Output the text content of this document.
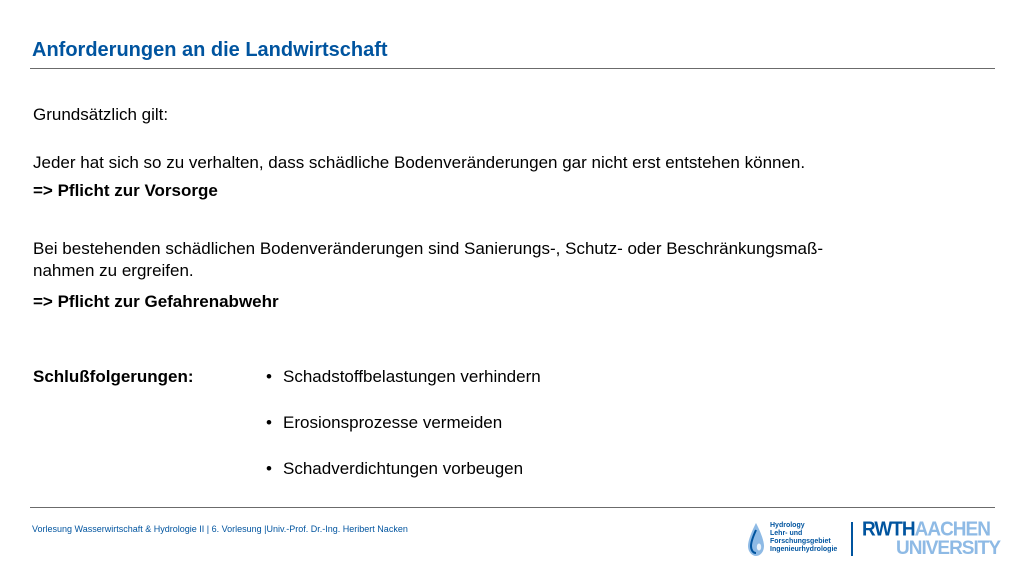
Anforderungen an die Landwirtschaft

Grundsätzlich gilt:

Jeder hat sich so zu verhalten, dass schädliche Bodenveränderungen gar nicht erst entstehen können.

=> Pflicht zur Vorsorge

Bei bestehenden schädlichen Bodenveränderungen sind Sanierungs-, Schutz- oder Beschränkungsmaß-

nahmen zu ergreifen.

=> Pflicht zur Gefahrenabwehr

Schlußfolgerungen:	• Schadstoffbelastungen verhindern
• Erosionsprozesse vermeiden
• Schadverdichtungen vorbeugen
Vorlesung Wasserwirtschaft & Hydrologie II | 6. Vorlesung |Univ.-Prof. Dr.-Ing. Heribert Nacken	Hydrology
Lehr- und
Forschungsgebiet
Ingenieurhydrologie
RWTHAACHEN
UNIVERSITY
